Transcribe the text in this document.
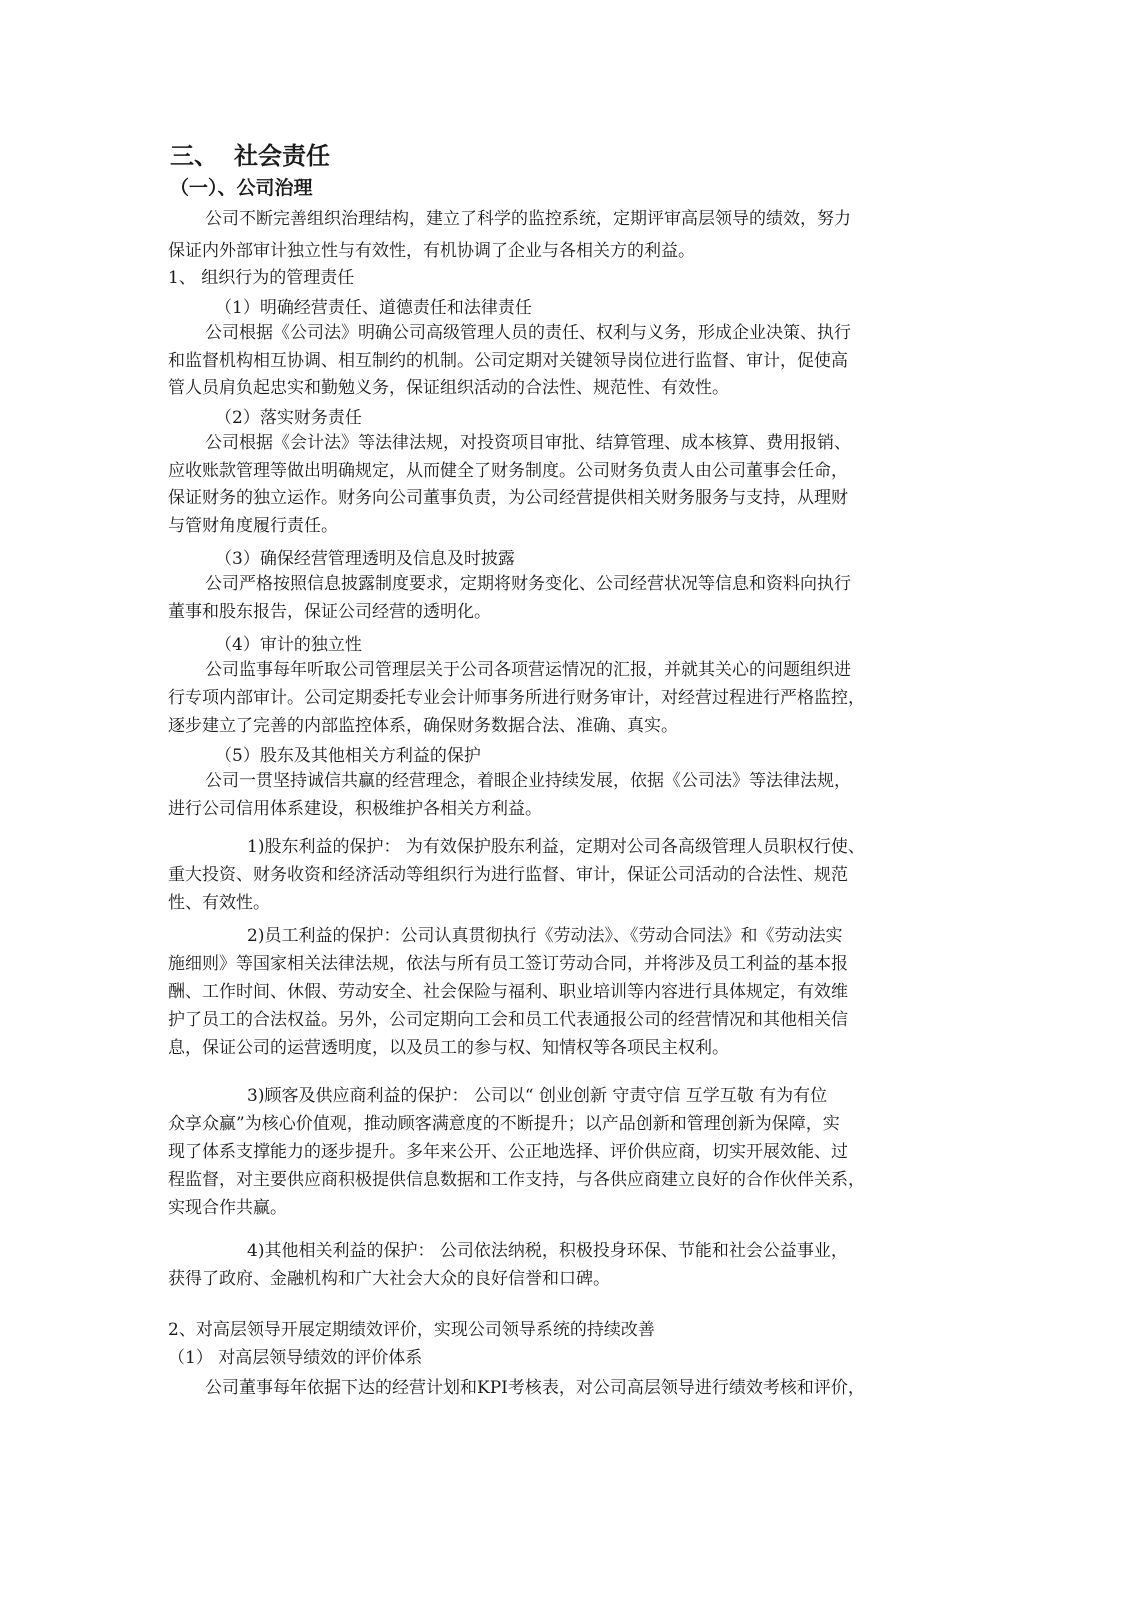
三、 社会责任
（一）、公司治理
公司不断完善组织治理结构，建立了科学的监控系统，定期评审高层领导的绩效，努力
保证内外部审计独立性与有效性，有机协调了企业与各相关方的利益。
1、 组织行为的管理责任
（1）明确经营责任、道德责任和法律责任
公司根据《公司法》明确公司高级管理人员的责任、权利与义务，形成企业决策、执行
和监督机构相互协调、相互制约的机制。公司定期对关键领导岗位进行监督、审计，促使高
管人员肩负起忠实和勤勉义务，保证组织活动的合法性、规范性、有效性。
（2）落实财务责任
公司根据《会计法》等法律法规，对投资项目审批、结算管理、成本核算、费用报销、
应收账款管理等做出明确规定，从而健全了财务制度。公司财务负责人由公司董事会任命，
保证财务的独立运作。财务向公司董事负责，为公司经营提供相关财务服务与支持，从理财
与管财角度履行责任。
（3）确保经营管理透明及信息及时披露
公司严格按照信息披露制度要求，定期将财务变化、公司经营状况等信息和资料向执行
董事和股东报告，保证公司经营的透明化。
（4）审计的独立性
公司监事每年听取公司管理层关于公司各项营运情况的汇报，并就其关心的问题组织进
行专项内部审计。公司定期委托专业会计师事务所进行财务审计，对经营过程进行严格监控，
逐步建立了完善的内部监控体系，确保财务数据合法、准确、真实。
（5）股东及其他相关方利益的保护
公司一贯坚持诚信共赢的经营理念，着眼企业持续发展，依据《公司法》等法律法规，
进行公司信用体系建设，积极维护各相关方利益。
1)股东利益的保护： 为有效保护股东利益，定期对公司各高级管理人员职权行使、
重大投资、财务收资和经济活动等组织行为进行监督、审计，保证公司活动的合法性、规范
性、有效性。
2)员工利益的保护：公司认真贯彻执行《劳动法》、《劳动合同法》和《劳动法实
施细则》等国家相关法律法规，依法与所有员工签订劳动合同，并将涉及员工利益的基本报
酬、工作时间、休假、劳动安全、社会保险与福利、职业培训等内容进行具体规定，有效维
护了员工的合法权益。另外，公司定期向工会和员工代表通报公司的经营情况和其他相关信
息，保证公司的运营透明度，以及员工的参与权、知情权等各项民主权利。
3)顾客及供应商利益的保护： 公司以“ 创业创新 守责守信 互学互敬 有为有位
众享众赢”为核心价值观，推动顾客满意度的不断提升；以产品创新和管理创新为保障，实
现了体系支撑能力的逐步提升。多年来公开、公正地选择、评价供应商，切实开展效能、过
程监督，对主要供应商积极提供信息数据和工作支持，与各供应商建立良好的合作伙伴关系，
实现合作共赢。
4)其他相关利益的保护： 公司依法纳税，积极投身环保、节能和社会公益事业，
获得了政府、金融机构和广大社会大众的良好信誉和口碑。
2、对高层领导开展定期绩效评价，实现公司领导系统的持续改善
（1） 对高层领导绩效的评价体系
公司董事每年依据下达的经营计划和KPI考核表，对公司高层领导进行绩效考核和评价，
